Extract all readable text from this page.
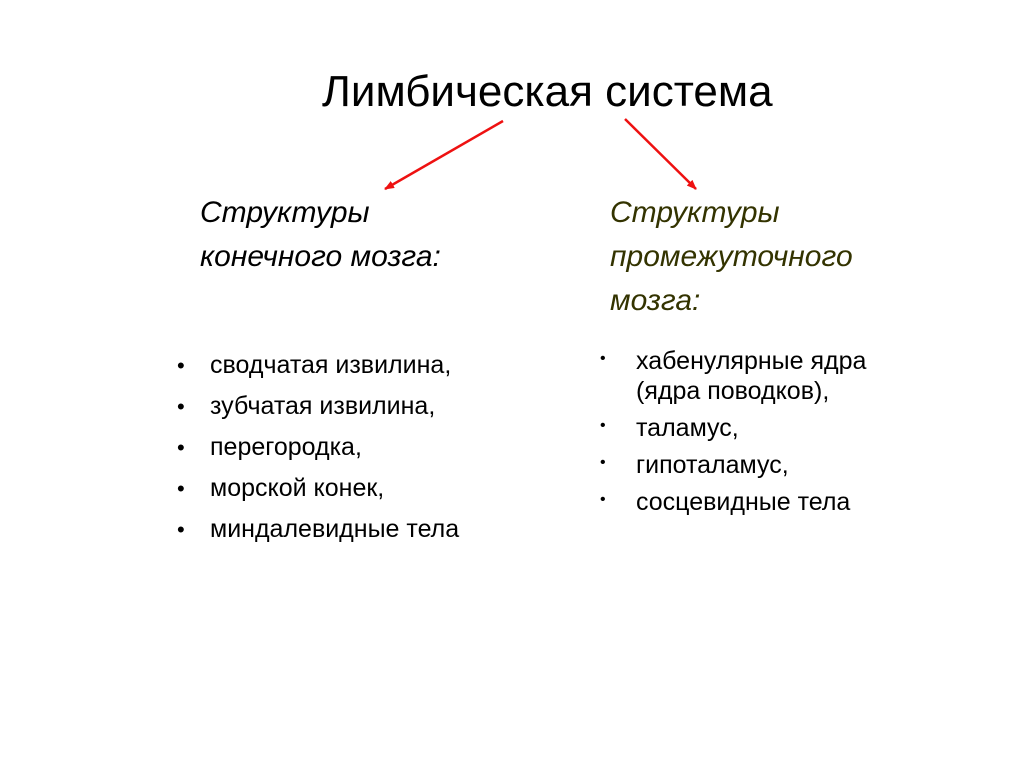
Лимбическая система
Структуры
конечного мозга:
Структуры
промежуточного
мозга:
• сводчатая извилина,
• зубчатая извилина,
• перегородка,
• морской конек,
• миндалевидные тела
• хабенулярные ядра
(ядра поводков),
• таламус,
• гипоталамус,
• сосцевидные тела
